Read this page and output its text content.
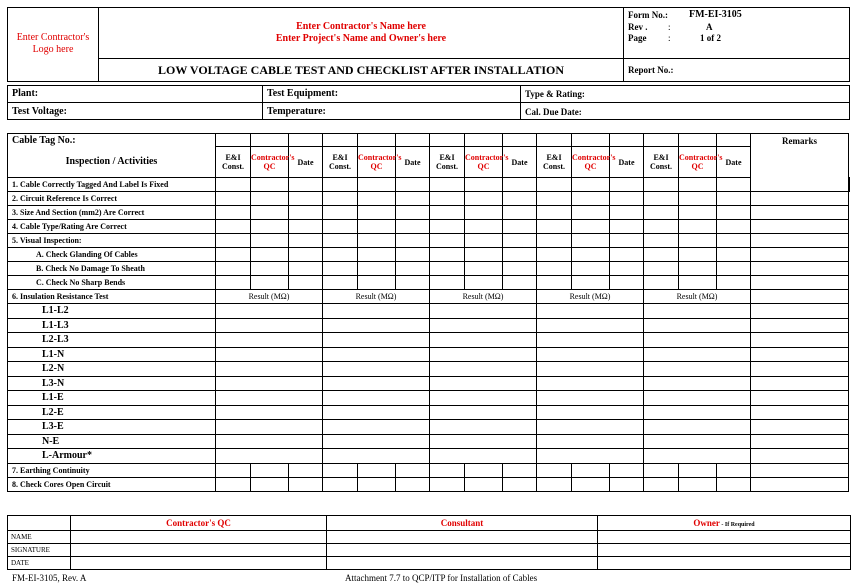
Enter Contractor's Logo here
Enter Contractor's Name here
Enter Project's Name and Owner's here
LOW VOLTAGE CABLE TEST AND CHECKLIST AFTER INSTALLATION
Form No.: FM-EI-3105
Rev . :	A
Page :	1 of 2
Report No.:
Plant:	Test Equipment:	Type & Rating:
Test Voltage:	Temperature:	Cal. Due Date:
Cable Tag No.:																Remarks	
Inspection / Activities	E&I Const.	Contractor's QC	Date	E&I Const.	Contractor's QC	Date	E&I Const.	Contractor's QC	Date	E&I Const.	Contractor's QC	Date	E&I Const.	Contractor's QC	Date		
1. Cable Correctly Tagged And Label Is Fixed																	
2. Circuit Reference Is Correct																	
3. Size And Section (mm2) Are Correct																	
4. Cable Type/Rating Are Correct																	
5. Visual Inspection:																	
A. Check Glanding Of Cables																	
B. Check No Damage To Sheath																	
C. Check No Sharp Bends																	
6. Insulation Resistance Test	Result (MΩ)			Result (MΩ)			Result (MΩ)			Result (MΩ)			Result (MΩ)				
L1-L2																	
L1-L3																	
L2-L3																	
L1-N																	
L2-N																	
L3-N																	
L1-E																	
L2-E																	
L3-E																	
N-E																	
L-Armour*																	
7. Earthing Continuity																	
8. Check Cores Open Circuit																	
	Contractor's QC	Consultant	Owner - If Required
NAME			
SIGNATURE			
DATE			
FM-EI-3105, Rev. A	Attachment 7.7 to QCP/ITP for Installation of Cables
